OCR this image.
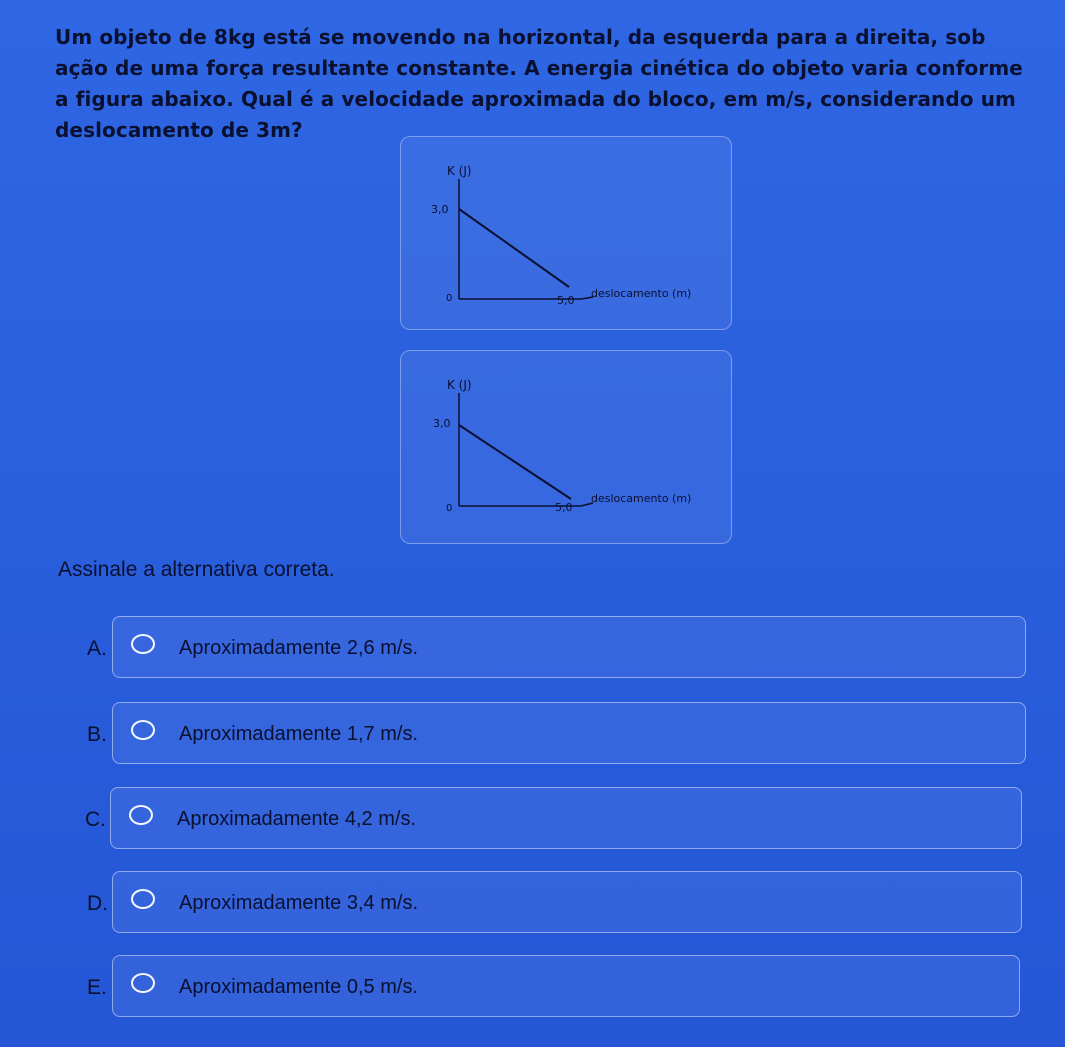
Um objeto de 8kg está se movendo na horizontal, da esquerda para a direita, sob ação de uma força resultante constante. A energia cinética do objeto varia conforme a figura abaixo. Qual é a velocidade aproximada do bloco, em m/s, considerando um deslocamento de 3m?
K (J)
3,0
0	5,0
deslocamento (m)
K (J)
3,0
0	5,0
deslocamento (m)
Assinale a alternativa correta.
A.	Aproximadamente 2,6 m/s.
B.	Aproximadamente 1,7 m/s.
C.	Aproximadamente 4,2 m/s.
D.	Aproximadamente 3,4 m/s.
E.	Aproximadamente 0,5 m/s.
